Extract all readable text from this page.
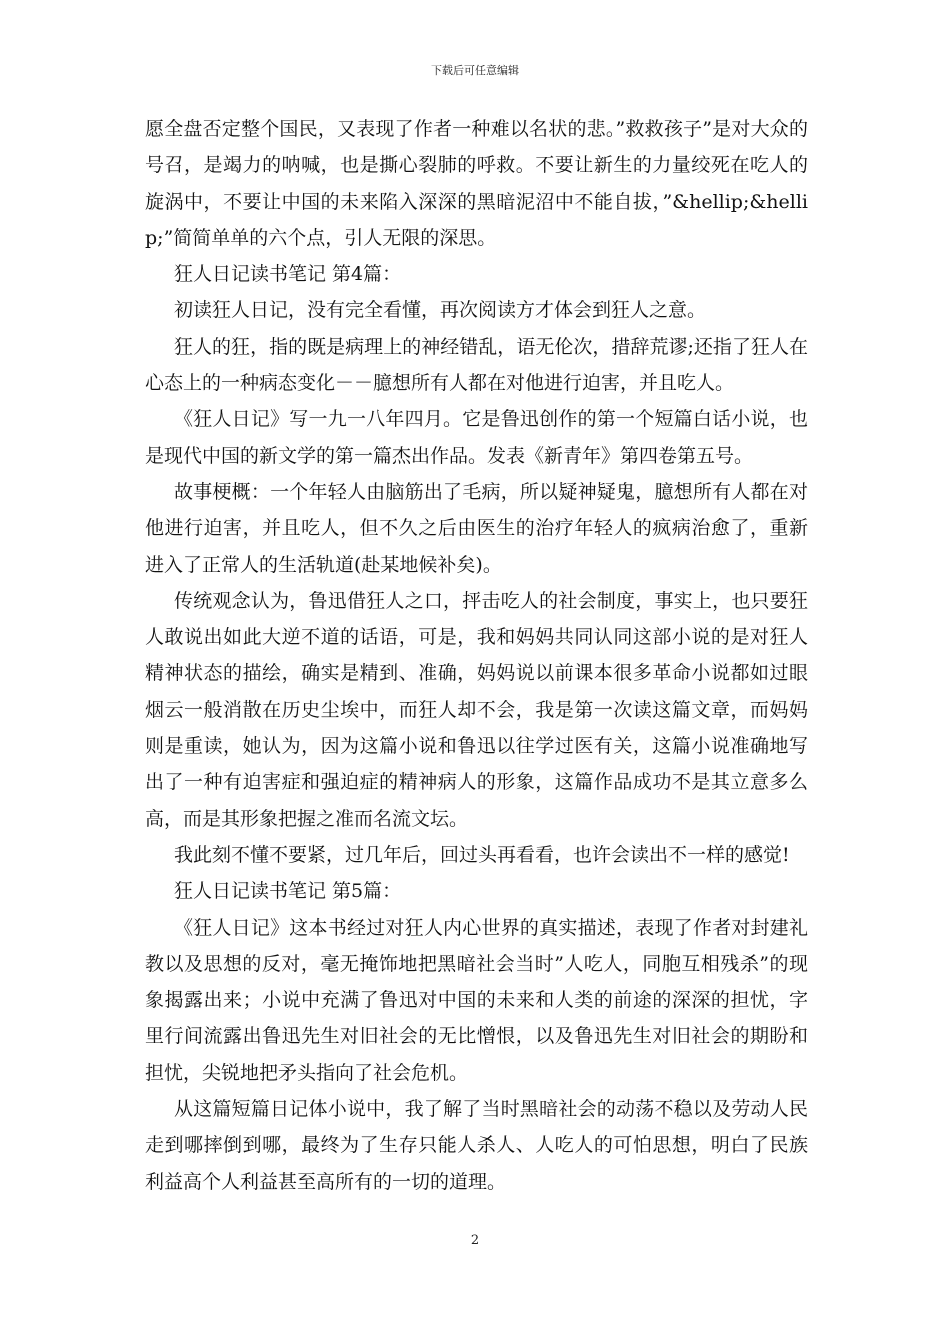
下载后可任意编辑

愿全盘否定整个国民，又表现了作者一种难以名状的悲。”救救孩子”是对大众的号召，是竭力的呐喊，也是撕心裂肺的呼救。不要让新生的力量绞死在吃人的旋涡中，不要让中国的未来陷入深深的黑暗泥沼中不能自拔，”&hellip;&hellip;”简简单单的六个点，引人无限的深思。

狂人日记读书笔记 第4篇：

初读狂人日记，没有完全看懂，再次阅读方才体会到狂人之意。

狂人的狂，指的既是病理上的神经错乱，语无伦次，措辞荒谬;还指了狂人在心态上的一种病态变化－－臆想所有人都在对他进行迫害，并且吃人。

《狂人日记》写一九一八年四月。它是鲁迅创作的第一个短篇白话小说，也是现代中国的新文学的第一篇杰出作品。发表《新青年》第四卷第五号。

故事梗概：一个年轻人由脑筋出了毛病，所以疑神疑鬼，臆想所有人都在对他进行迫害，并且吃人，但不久之后由医生的治疗年轻人的疯病治愈了，重新进入了正常人的生活轨道(赴某地候补矣)。

传统观念认为，鲁迅借狂人之口，抨击吃人的社会制度，事实上，也只要狂人敢说出如此大逆不道的话语，可是，我和妈妈共同认同这部小说的是对狂人精神状态的描绘，确实是精到、准确，妈妈说以前课本很多革命小说都如过眼烟云一般消散在历史尘埃中，而狂人却不会，我是第一次读这篇文章，而妈妈则是重读，她认为，因为这篇小说和鲁迅以往学过医有关，这篇小说准确地写出了一种有迫害症和强迫症的精神病人的形象，这篇作品成功不是其立意多么高，而是其形象把握之准而名流文坛。

我此刻不懂不要紧，过几年后，回过头再看看，也许会读出不一样的感觉!

狂人日记读书笔记 第5篇：

《狂人日记》这本书经过对狂人内心世界的真实描述，表现了作者对封建礼教以及思想的反对，毫无掩饰地把黑暗社会当时”人吃人，同胞互相残杀”的现象揭露出来；小说中充满了鲁迅对中国的未来和人类的前途的深深的担忧，字里行间流露出鲁迅先生对旧社会的无比憎恨，以及鲁迅先生对旧社会的期盼和担忧，尖锐地把矛头指向了社会危机。

从这篇短篇日记体小说中，我了解了当时黑暗社会的动荡不稳以及劳动人民走到哪摔倒到哪，最终为了生存只能人杀人、人吃人的可怕思想，明白了民族利益高个人利益甚至高所有的一切的道理。

2
